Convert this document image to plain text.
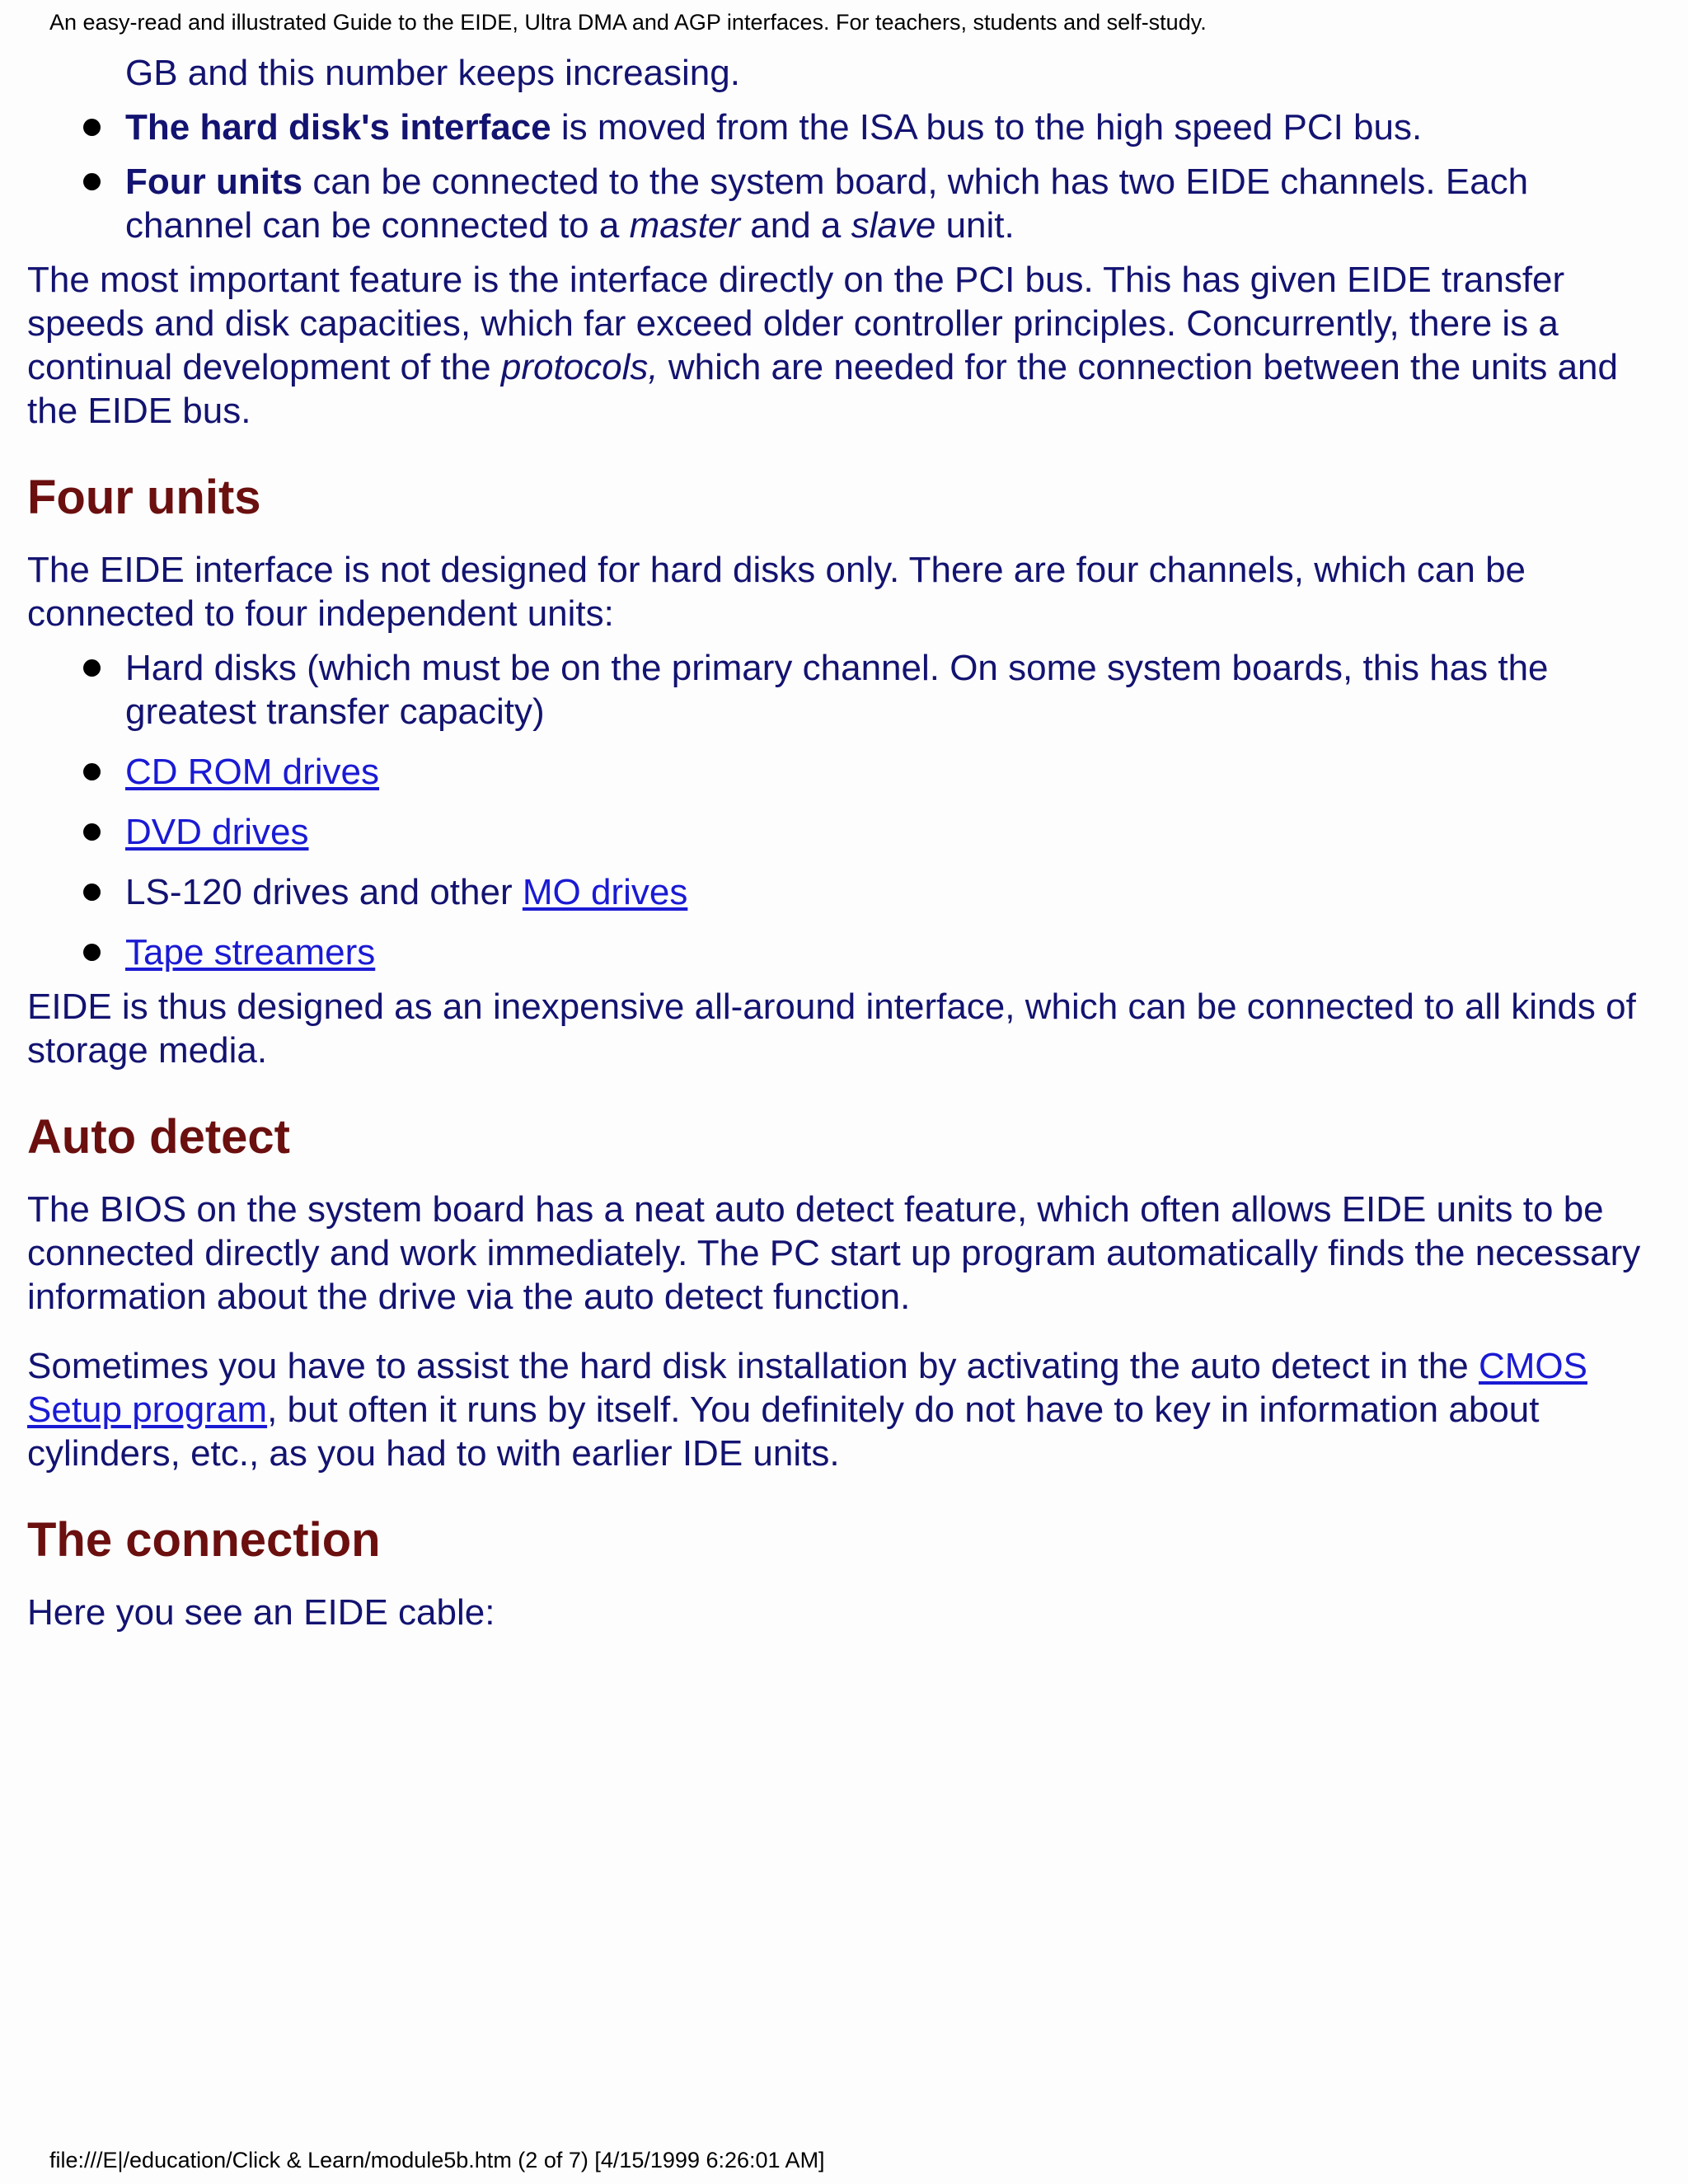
An easy-read and illustrated Guide to the EIDE, Ultra DMA and AGP interfaces. For teachers, students and self-study.

GB and this number keeps increasing.

The hard disk's interface is moved from the ISA bus to the high speed PCI bus.
Four units can be connected to the system board, which has two EIDE channels. Each channel can be connected to a master and a slave unit.

The most important feature is the interface directly on the PCI bus. This has given EIDE transfer speeds and disk capacities, which far exceed older controller principles. Concurrently, there is a continual development of the protocols, which are needed for the connection between the units and the EIDE bus.

Four units

The EIDE interface is not designed for hard disks only. There are four channels, which can be connected to four independent units:

Hard disks (which must be on the primary channel. On some system boards, this has the greatest transfer capacity)
CD ROM drives
DVD drives
LS-120 drives and other MO drives
Tape streamers

EIDE is thus designed as an inexpensive all-around interface, which can be connected to all kinds of storage media.

Auto detect

The BIOS on the system board has a neat auto detect feature, which often allows EIDE units to be connected directly and work immediately. The PC start up program automatically finds the necessary information about the drive via the auto detect function.

Sometimes you have to assist the hard disk installation by activating the auto detect in the CMOS Setup program, but often it runs by itself. You definitely do not have to key in information about cylinders, etc., as you had to with earlier IDE units.

The connection

Here you see an EIDE cable:

file:///E|/education/Click & Learn/module5b.htm (2 of 7) [4/15/1999 6:26:01 AM]
